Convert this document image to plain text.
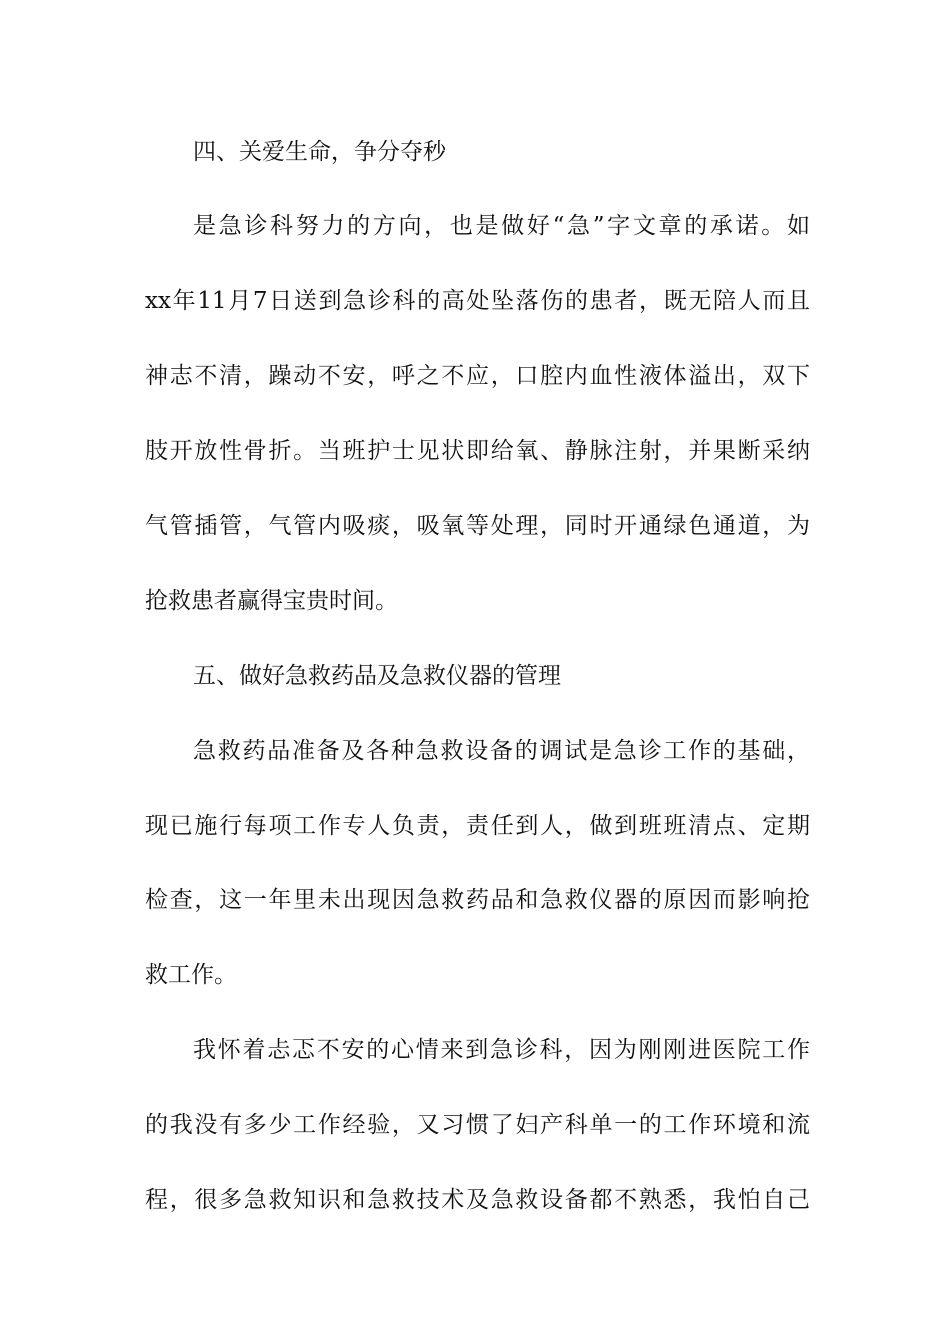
四、关爱生命，争分夺秒
是急诊科努力的方向，也是做好“急”字文章的承诺。如
xx年11月7日送到急诊科的高处坠落伤的患者，既无陪人而且
神志不清，躁动不安，呼之不应，口腔内血性液体溢出，双下
肢开放性骨折。当班护士见状即给氧、静脉注射，并果断采纳
气管插管，气管内吸痰，吸氧等处理，同时开通绿色通道，为
抢救患者赢得宝贵时间。
五、做好急救药品及急救仪器的管理
急救药品准备及各种急救设备的调试是急诊工作的基础，
现已施行每项工作专人负责，责任到人，做到班班清点、定期
检查，这一年里未出现因急救药品和急救仪器的原因而影响抢
救工作。
我怀着忐忑不安的心情来到急诊科，因为刚刚进医院工作
的我没有多少工作经验，又习惯了妇产科单一的工作环境和流
程，很多急救知识和急救技术及急救设备都不熟悉，我怕自己
